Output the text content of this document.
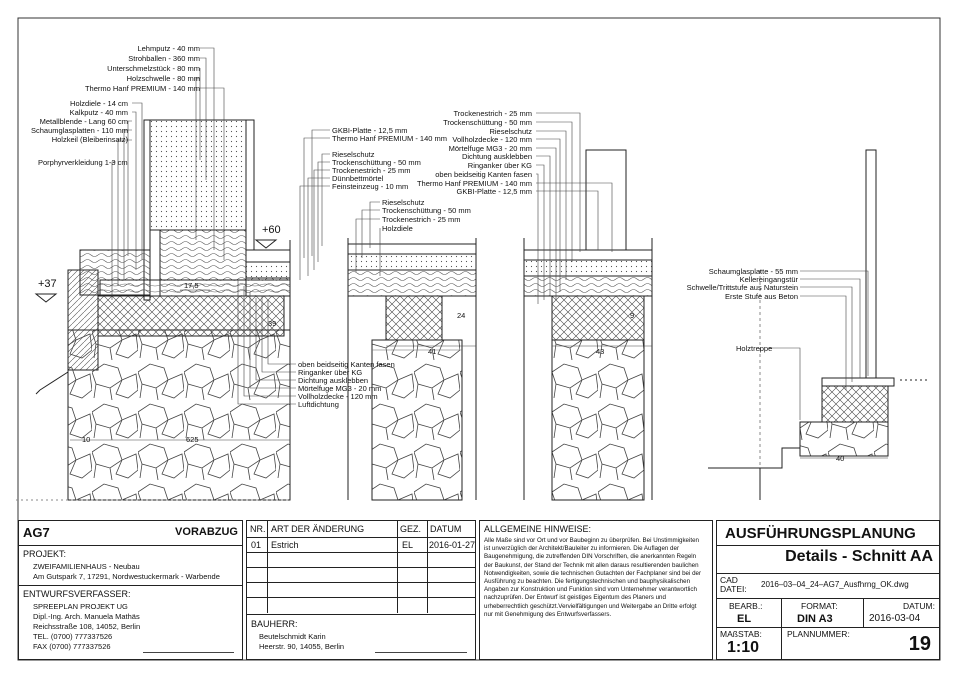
+37
+60
Lehmputz - 40 mm
Strohballen - 360 mm
Unterschmelzstück - 80 mm
Holzschwelle - 80 mm
Thermo Hanf PREMIUM - 140 mm
Holzdiele - 14 cm
Kalkputz - 40 mm
Metallblende - Lang 60 cm
Schaumglasplatten - 110 mm
Holzkeil (Bleiberinsatz)
Porphyrverkleidung 1-3 cm
GKBI-Platte - 12,5 mm
Thermo Hanf PREMIUM - 140 mm
Rieselschutz
Trockenschüttung - 50 mm
Trockenestrich - 25 mm
Dünnbettmörtel
Feinsteinzeug - 10 mm
Rieselschutz
Trockenschüttung - 50 mm
Trockenestrich - 25 mm
Holzdiele
Trockenestrich - 25 mm
Trockenschüttung - 50 mm
Rieselschutz
Vollholzdecke - 120 mm
Mörtelfuge MG3 - 20 mm
Dichtung ausklebben
Ringanker über KG
oben beidseitig Kanten fasen
Thermo Hanf PREMIUM - 140 mm
GKBI-Platte - 12,5 mm
oben beidseitig Kanten fasen
Ringanker über KG
Dichtung ausklebben
Mörtelfuge MG3 - 20 mm
Vollholzdecke - 120 mm
Luftdichtung
Schaumglasplatte - 55 mm
Kellereingangstür
Schwelle/Trittstufe aus Naturstein
Erste Stufe aus Beton
Holztreppe
17,5
10	625
41	43
40
39
24	9
AG7	VORABZUG
PROJEKT:
ZWEIFAMILIENHAUS - Neubau
Am Gutspark 7, 17291, Nordwestuckermark - Warbende
ENTWURFSVERFASSER:
SPREEPLAN PROJEKT UG
Dipl.-Ing. Arch. Manuela Mathäs
Reichsstraße 108, 14052, Berlin
TEL. (0700) 777337526
FAX (0700) 777337526
NR. ART DER ÄNDERUNG	GEZ. DATUM
01 Estrich	EL 2016-01-27
BAUHERR:
Beutelschmidt Karin
Heerstr. 90, 14055, Berlin
ALLGEMEINE HINWEISE:
Alle Maße sind vor Ort und vor Baubeginn zu überprüfen. Bei Unstimmigkeiten ist unverzüglich der Architekt/Bauleiter zu informieren. Die Auflagen der Baugenehmigung, die zutreffenden DIN Vorschriften, die anerkannten Regeln der Baukunst, der Stand der Technik mit allen daraus resultierenden baulichen Notwendigkeiten, sowie die technischen Gutachten der Fachplaner sind bei der Ausführung zu beachten. Die fertigungstechnischen und bauphysikalischen Angaben zur Konstruktion und Funktion sind vom Unternehmer verantwortlich nachzuprüfen. Der Entwurf ist geistiges Eigentum des Planers und urheberrechtlich geschützt.Vervielfältigungen und Weitergabe an Dritte erfolgt nur mit Genehmigung des Entwurfsverfassers.
AUSFÜHRUNGSPLANUNG
Details - Schnitt AA
CAD
DATEI: 2016–03–04_24–AG7_Ausfhrng_OK.dwg
BEARB.:
EL
FORMAT:
DIN A3
DATUM:
2016-03-04
MAßSTAB:
1:10
PLANNUMMER:	19
